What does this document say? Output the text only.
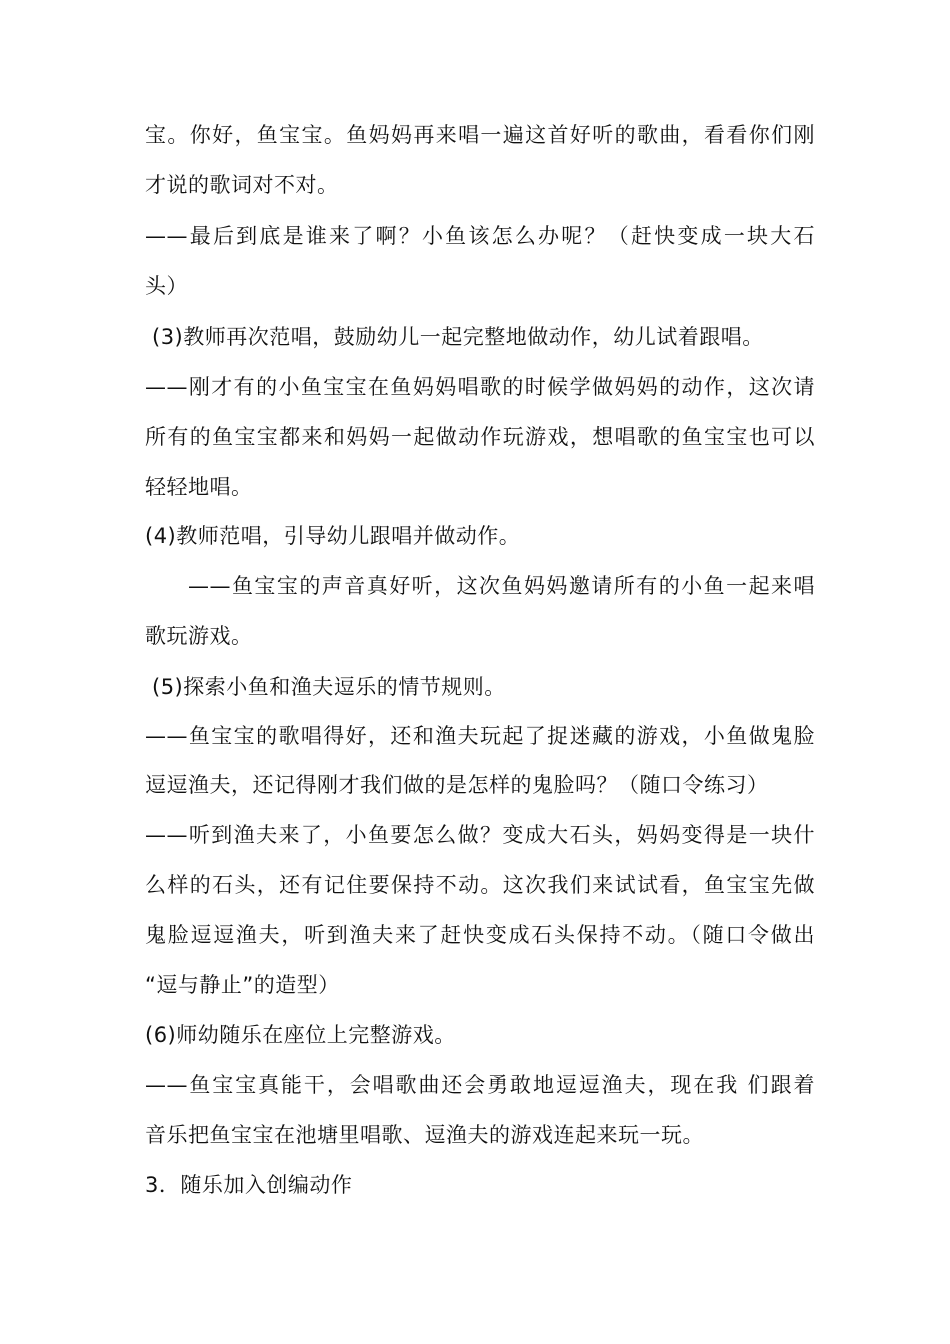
宝。你好，鱼宝宝。鱼妈妈再来唱一遍这首好听的歌曲，看看你们刚
才说的歌词对不对。
——最后到底是谁来了啊？小鱼该怎么办呢？（赶快变成一块大石
头）
(3)教师再次范唱，鼓励幼儿一起完整地做动作，幼儿试着跟唱。
——刚才有的小鱼宝宝在鱼妈妈唱歌的时候学做妈妈的动作，这次请
所有的鱼宝宝都来和妈妈一起做动作玩游戏，想唱歌的鱼宝宝也可以
轻轻地唱。
(4)教师范唱，引导幼儿跟唱并做动作。
——鱼宝宝的声音真好听，这次鱼妈妈邀请所有的小鱼一起来唱
歌玩游戏。
(5)探索小鱼和渔夫逗乐的情节规则。
——鱼宝宝的歌唱得好，还和渔夫玩起了捉迷藏的游戏，小鱼做鬼脸
逗逗渔夫，还记得刚才我们做的是怎样的鬼脸吗？（随口令练习）
——听到渔夫来了，小鱼要怎么做？变成大石头，妈妈变得是一块什
么样的石头，还有记住要保持不动。这次我们来试试看，鱼宝宝先做
鬼脸逗逗渔夫，听到渔夫来了赶快变成石头保持不动。（随口令做出
“逗与静止”的造型）
(6)师幼随乐在座位上完整游戏。
——鱼宝宝真能干，会唱歌曲还会勇敢地逗逗渔夫，现在我 们跟着
音乐把鱼宝宝在池塘里唱歌、逗渔夫的游戏连起来玩一玩。
3．随乐加入创编动作
